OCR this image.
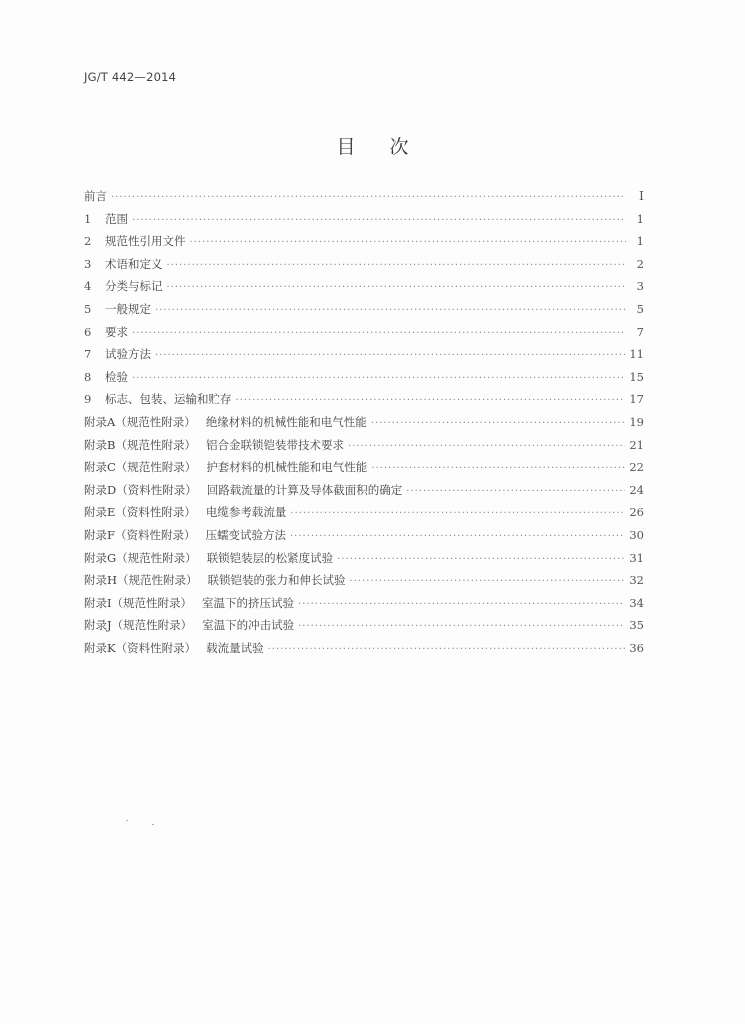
JG/T 442—2014
目次
前言 ·····	Ⅰ
1	范围 ·····	1
2	规范性引用文件 ·····	1
3	术语和定义 ·····	2
4	分类与标记 ·····	3
5	一般规定 ·····	5
6	要求 ·····	7
7	试验方法 ·····	11
8	检验 ·····	15
9	标志、包装、运输和贮存 ·····	17
附录A（规范性附录） 绝缘材料的机械性能和电气性能 ·····	19
附录B（规范性附录） 铝合金联锁铠装带技术要求 ·····	21
附录C（规范性附录） 护套材料的机械性能和电气性能 ·····	22
附录D（资料性附录） 回路载流量的计算及导体截面积的确定 ·····	24
附录E（资料性附录） 电缆参考载流量 ·····	26
附录F（资料性附录） 压蠕变试验方法 ·····	30
附录G（规范性附录） 联锁铠装层的松紧度试验 ·····	31
附录H（规范性附录） 联锁铠装的张力和伸长试验 ·····	32
附录I（规范性附录） 室温下的挤压试验 ·····	34
附录J（规范性附录） 室温下的冲击试验 ·····	35
附录K（资料性附录） 载流量试验 ·····	36
